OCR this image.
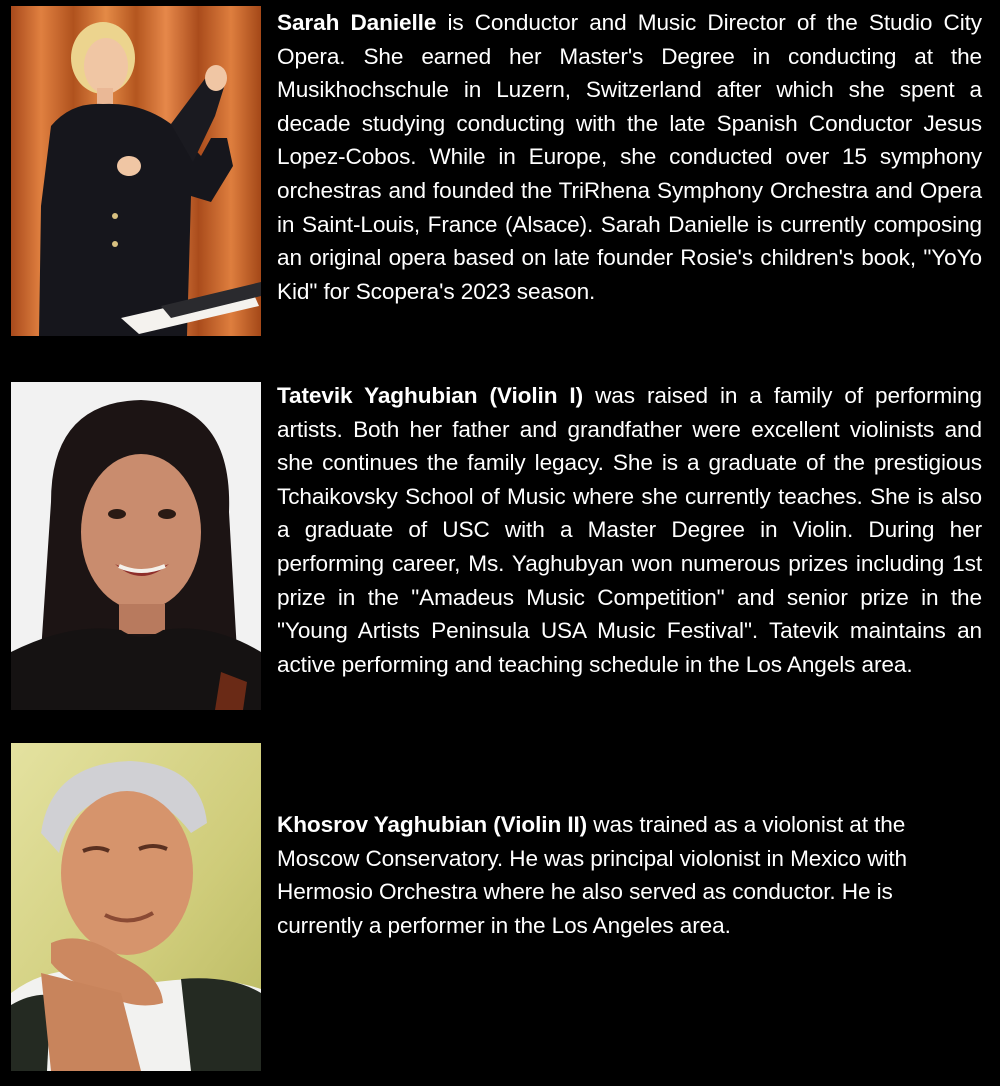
Sarah Danielle is Conductor and Music Director of the Studio City Opera. She earned her Master's Degree in conducting at the Musikhochschule in Luzern, Switzerland after which she spent a decade studying conducting with the late Spanish Conductor Jesus Lopez-Cobos. While in Europe, she conducted over 15 symphony orchestras and founded the TriRhena Symphony Orchestra and Opera in Saint-Louis, France (Alsace). Sarah Danielle is currently composing an original opera based on late founder Rosie's children's book, "YoYo Kid" for Scopera's 2023 season.

Tatevik Yaghubian (Violin I) was raised in a family of performing artists. Both her father and grandfather were excellent violinists and she continues the family legacy. She is a graduate of the prestigious Tchaikovsky School of Music where she currently teaches. She is also a graduate of USC with a Master Degree in Violin. During her performing career, Ms. Yaghubyan won numerous prizes including 1st prize in the "Amadeus Music Competition" and senior prize in the "Young Artists Peninsula USA Music Festival". Tatevik maintains an active performing and teaching schedule in the Los Angels area.

Khosrov Yaghubian (Violin II) was trained as a violonist at the Moscow Conservatory. He was principal violonist in Mexico with Hermosio Orchestra where he also served as conductor. He is currently a performer in the Los Angeles area.
